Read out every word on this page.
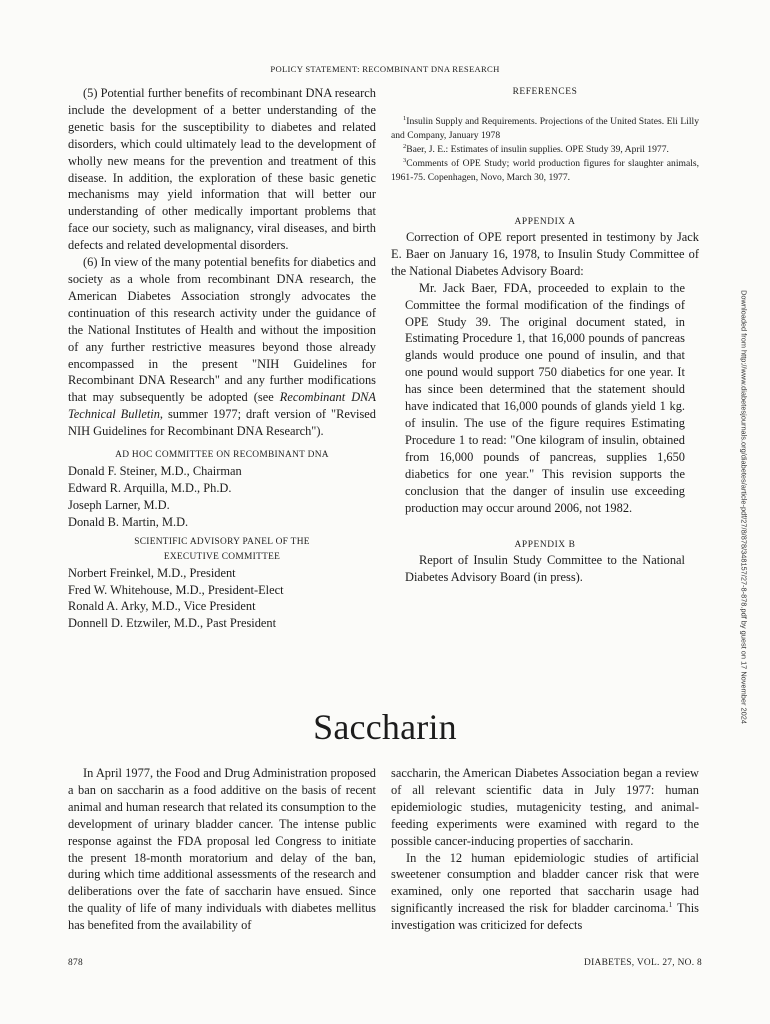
POLICY STATEMENT: RECOMBINANT DNA RESEARCH

(5) Potential further benefits of recombinant DNA research include the development of a better understanding of the genetic basis for the susceptibility to diabetes and related disorders, which could ultimately lead to the development of wholly new means for the prevention and treatment of this disease. In addition, the exploration of these basic genetic mechanisms may yield information that will better our understanding of other medically important problems that face our society, such as malignancy, viral diseases, and birth defects and related developmental disorders.

(6) In view of the many potential benefits for diabetics and society as a whole from recombinant DNA research, the American Diabetes Association strongly advocates the continuation of this research activity under the guidance of the National Institutes of Health and without the imposition of any further restrictive measures beyond those already encompassed in the present "NIH Guidelines for Recombinant DNA Research" and any further modifications that may subsequently be adopted (see Recombinant DNA Technical Bulletin, summer 1977; draft version of "Revised NIH Guidelines for Recombinant DNA Research").

AD HOC COMMITTEE ON RECOMBINANT DNA
Donald F. Steiner, M.D., Chairman
Edward R. Arquilla, M.D., Ph.D.
Joseph Larner, M.D.
Donald B. Martin, M.D.
SCIENTIFIC ADVISORY PANEL OF THE
EXECUTIVE COMMITTEE
Norbert Freinkel, M.D., President
Fred W. Whitehouse, M.D., President-Elect
Ronald A. Arky, M.D., Vice President
Donnell D. Etzwiler, M.D., Past President
REFERENCES

$^1$Insulin Supply and Requirements. Projections of the United States. Eli Lilly and Company, January 1978

$^2$Baer, J. E.: Estimates of insulin supplies. OPE Study 39, April 1977.

$^3$Comments of OPE Study; world production figures for slaughter animals, 1961-75. Copenhagen, Novo, March 30, 1977.

APPENDIX A

Correction of OPE report presented in testimony by Jack E. Baer on January 16, 1978, to Insulin Study Committee of the National Diabetes Advisory Board:

Mr. Jack Baer, FDA, proceeded to explain to the Committee the formal modification of the findings of OPE Study 39. The original document stated, in Estimating Procedure 1, that 16,000 pounds of pancreas glands would produce one pound of insulin, and that one pound would support 750 diabetics for one year. It has since been determined that the statement should have indicated that 16,000 pounds of glands yield 1 kg. of insulin. The use of the figure requires Estimating Procedure 1 to read: "One kilogram of insulin, obtained from 16,000 pounds of pancreas, supplies 1,650 diabetics for one year." This revision supports the conclusion that the danger of insulin use exceeding production may occur around 2006, not 1982.

APPENDIX B

Report of Insulin Study Committee to the National Diabetes Advisory Board (in press).	Downloaded from http://www.diabetesjournals.org/diabetes/article-pdf/27/8/878/348157/27-8-878.pdf by guest on 17 November 2024
Saccharin

In April 1977, the Food and Drug Administration proposed a ban on saccharin as a food additive on the basis of recent animal and human research that related its consumption to the development of urinary bladder cancer. The intense public response against the FDA proposal led Congress to initiate the present 18-month moratorium and delay of the ban, during which time additional assessments of the research and deliberations over the fate of saccharin have ensued. Since the quality of life of many individuals with diabetes mellitus has benefited from the availability of

saccharin, the American Diabetes Association began a review of all relevant scientific data in July 1977: human epidemiologic studies, mutagenicity testing, and animal-feeding experiments were examined with regard to the possible cancer-inducing properties of saccharin.

In the 12 human epidemiologic studies of artificial sweetener consumption and bladder cancer risk that were examined, only one reported that saccharin usage had significantly increased the risk for bladder carcinoma.$^1$ This investigation was criticized for defects

878	DIABETES, VOL. 27, NO. 8
